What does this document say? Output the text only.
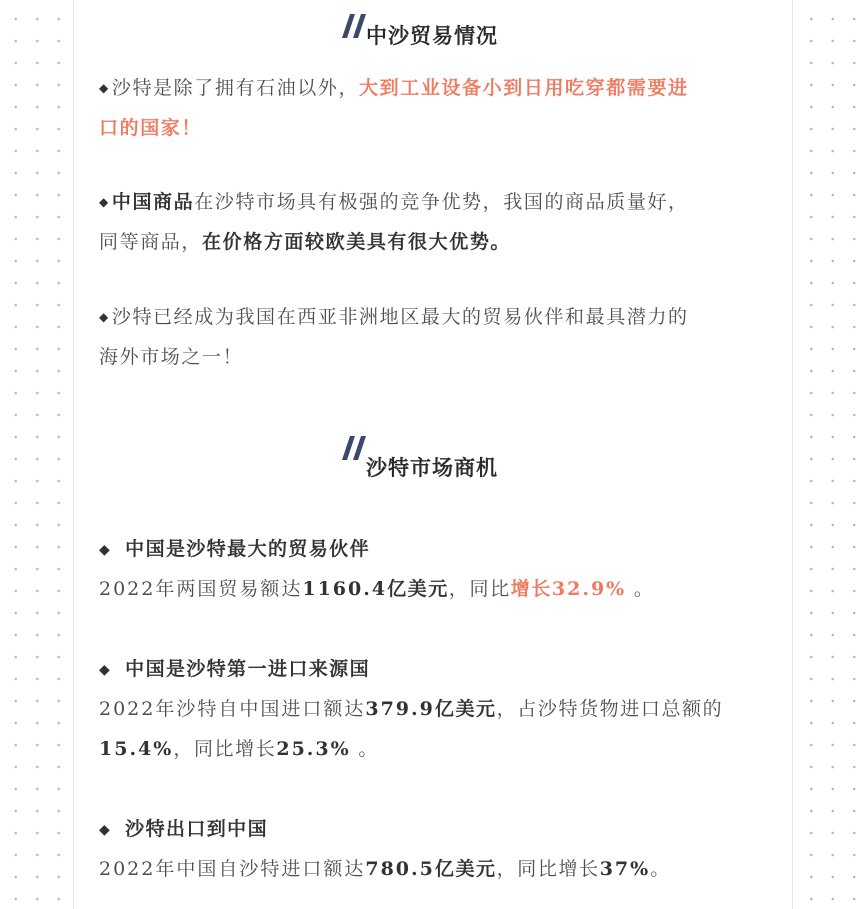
中沙贸易情况
◆ 沙特是除了拥有石油以外，大到工业设备小到日用吃穿都需要进
口的国家！
◆ 中国商品在沙特市场具有极强的竞争优势，我国的商品质量好，
同等商品，在价格方面较欧美具有很大优势。
◆ 沙特已经成为我国在西亚非洲地区最大的贸易伙伴和最具潜力的
海外市场之一！
沙特市场商机
◆ 中国是沙特最大的贸易伙伴
2022年两国贸易额达1160.4亿美元，同比增长32.9% 。
◆ 中国是沙特第一进口来源国
2022年沙特自中国进口额达379.9亿美元，占沙特货物进口总额的
15.4%，同比增长25.3% 。
◆ 沙特出口到中国
2022年中国自沙特进口额达780.5亿美元，同比增长37%。
